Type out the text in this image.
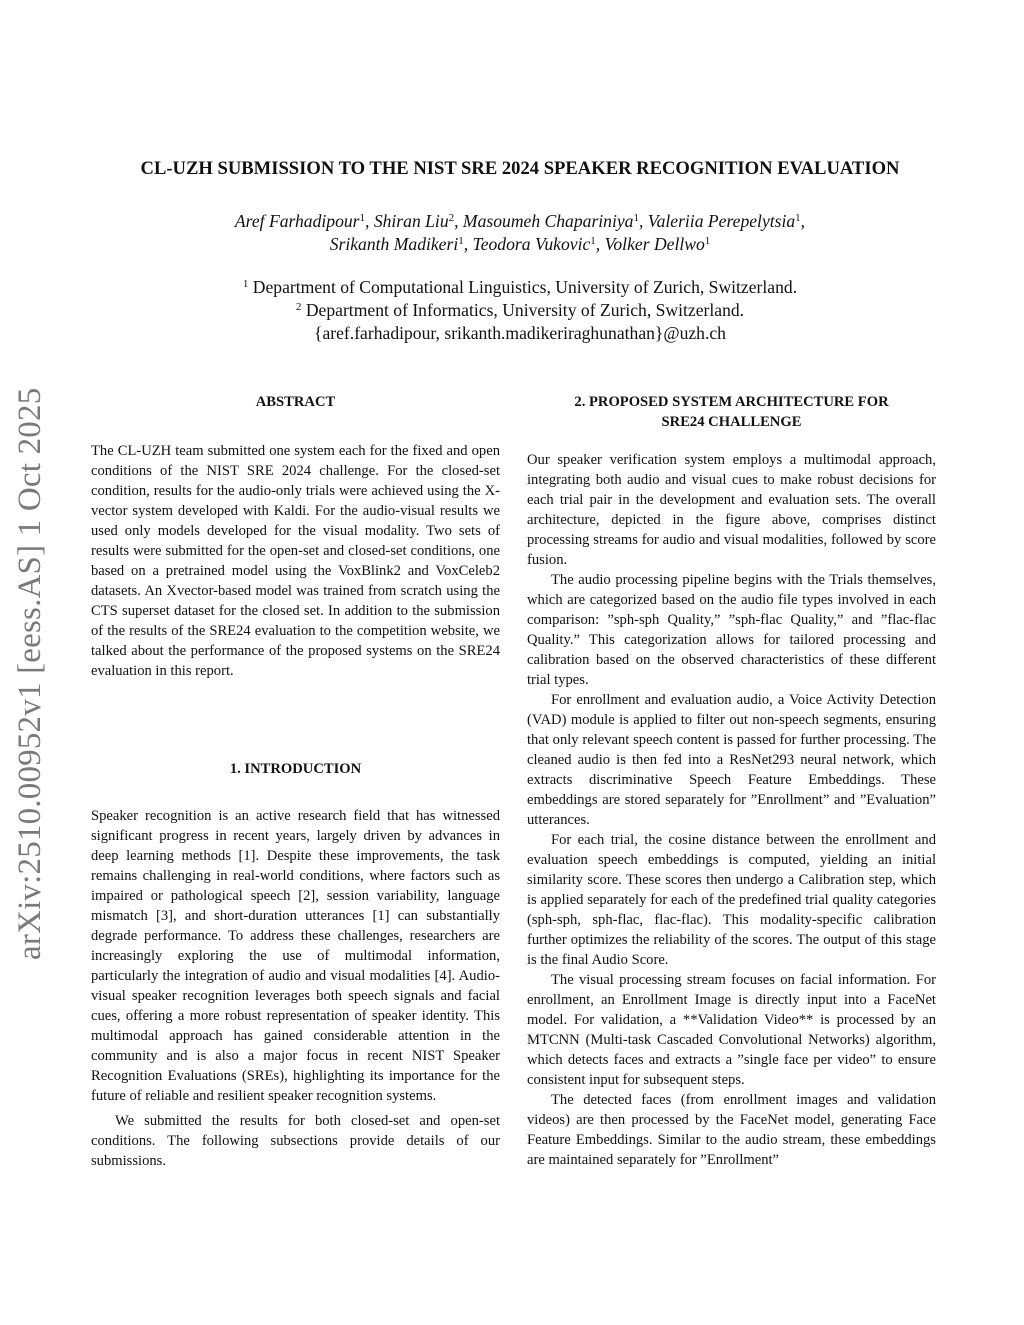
arXiv:2510.00952v1 [eess.AS] 1 Oct 2025
CL-UZH SUBMISSION TO THE NIST SRE 2024 SPEAKER RECOGNITION EVALUATION
Aref Farhadipour$^1$, Shiran Liu$^2$, Masoumeh Chapariniya$^1$, Valeriia Perepelytsia$^1$,
Srikanth Madikeri$^1$, Teodora Vukovic$^1$, Volker Dellwo$^1$
$^1$ Department of Computational Linguistics, University of Zurich, Switzerland.
$^2$ Department of Informatics, University of Zurich, Switzerland.
{aref.farhadipour, srikanth.madikeriraghunathan}@uzh.ch
ABSTRACT

The CL-UZH team submitted one system each for the fixed and open conditions of the NIST SRE 2024 challenge. For the closed-set condition, results for the audio-only trials were achieved using the X-vector system developed with Kaldi. For the audio-visual results we used only models developed for the visual modality. Two sets of results were submitted for the open-set and closed-set conditions, one based on a pretrained model using the VoxBlink2 and VoxCeleb2 datasets. An Xvector-based model was trained from scratch using the CTS superset dataset for the closed set. In addition to the submission of the results of the SRE24 evaluation to the competition website, we talked about the performance of the proposed systems on the SRE24 evaluation in this report.

1. INTRODUCTION

Speaker recognition is an active research field that has witnessed significant progress in recent years, largely driven by advances in deep learning methods [1]. Despite these improvements, the task remains challenging in real-world conditions, where factors such as impaired or pathological speech [2], session variability, language mismatch [3], and short-duration utterances [1] can substantially degrade performance. To address these challenges, researchers are increasingly exploring the use of multimodal information, particularly the integration of audio and visual modalities [4]. Audio-visual speaker recognition leverages both speech signals and facial cues, offering a more robust representation of speaker identity. This multimodal approach has gained considerable attention in the community and is also a major focus in recent NIST Speaker Recognition Evaluations (SREs), highlighting its importance for the future of reliable and resilient speaker recognition systems.

We submitted the results for both closed-set and open-set conditions. The following subsections provide details of our submissions.

2. PROPOSED SYSTEM ARCHITECTURE FOR
SRE24 CHALLENGE

Our speaker verification system employs a multimodal approach, integrating both audio and visual cues to make robust decisions for each trial pair in the development and evaluation sets. The overall architecture, depicted in the figure above, comprises distinct processing streams for audio and visual modalities, followed by score fusion.

The audio processing pipeline begins with the Trials themselves, which are categorized based on the audio file types involved in each comparison: ”sph-sph Quality,” ”sph-flac Quality,” and ”flac-flac Quality.” This categorization allows for tailored processing and calibration based on the observed characteristics of these different trial types.

For enrollment and evaluation audio, a Voice Activity Detection (VAD) module is applied to filter out non-speech segments, ensuring that only relevant speech content is passed for further processing. The cleaned audio is then fed into a ResNet293 neural network, which extracts discriminative Speech Feature Embeddings. These embeddings are stored separately for ”Enrollment” and ”Evaluation” utterances.

For each trial, the cosine distance between the enrollment and evaluation speech embeddings is computed, yielding an initial similarity score. These scores then undergo a Calibration step, which is applied separately for each of the predefined trial quality categories (sph-sph, sph-flac, flac-flac). This modality-specific calibration further optimizes the reliability of the scores. The output of this stage is the final Audio Score.

The visual processing stream focuses on facial information. For enrollment, an Enrollment Image is directly input into a FaceNet model. For validation, a **Validation Video** is processed by an MTCNN (Multi-task Cascaded Convolutional Networks) algorithm, which detects faces and extracts a ”single face per video” to ensure consistent input for subsequent steps.

The detected faces (from enrollment images and validation videos) are then processed by the FaceNet model, generating Face Feature Embeddings. Similar to the audio stream, these embeddings are maintained separately for ”Enrollment”
